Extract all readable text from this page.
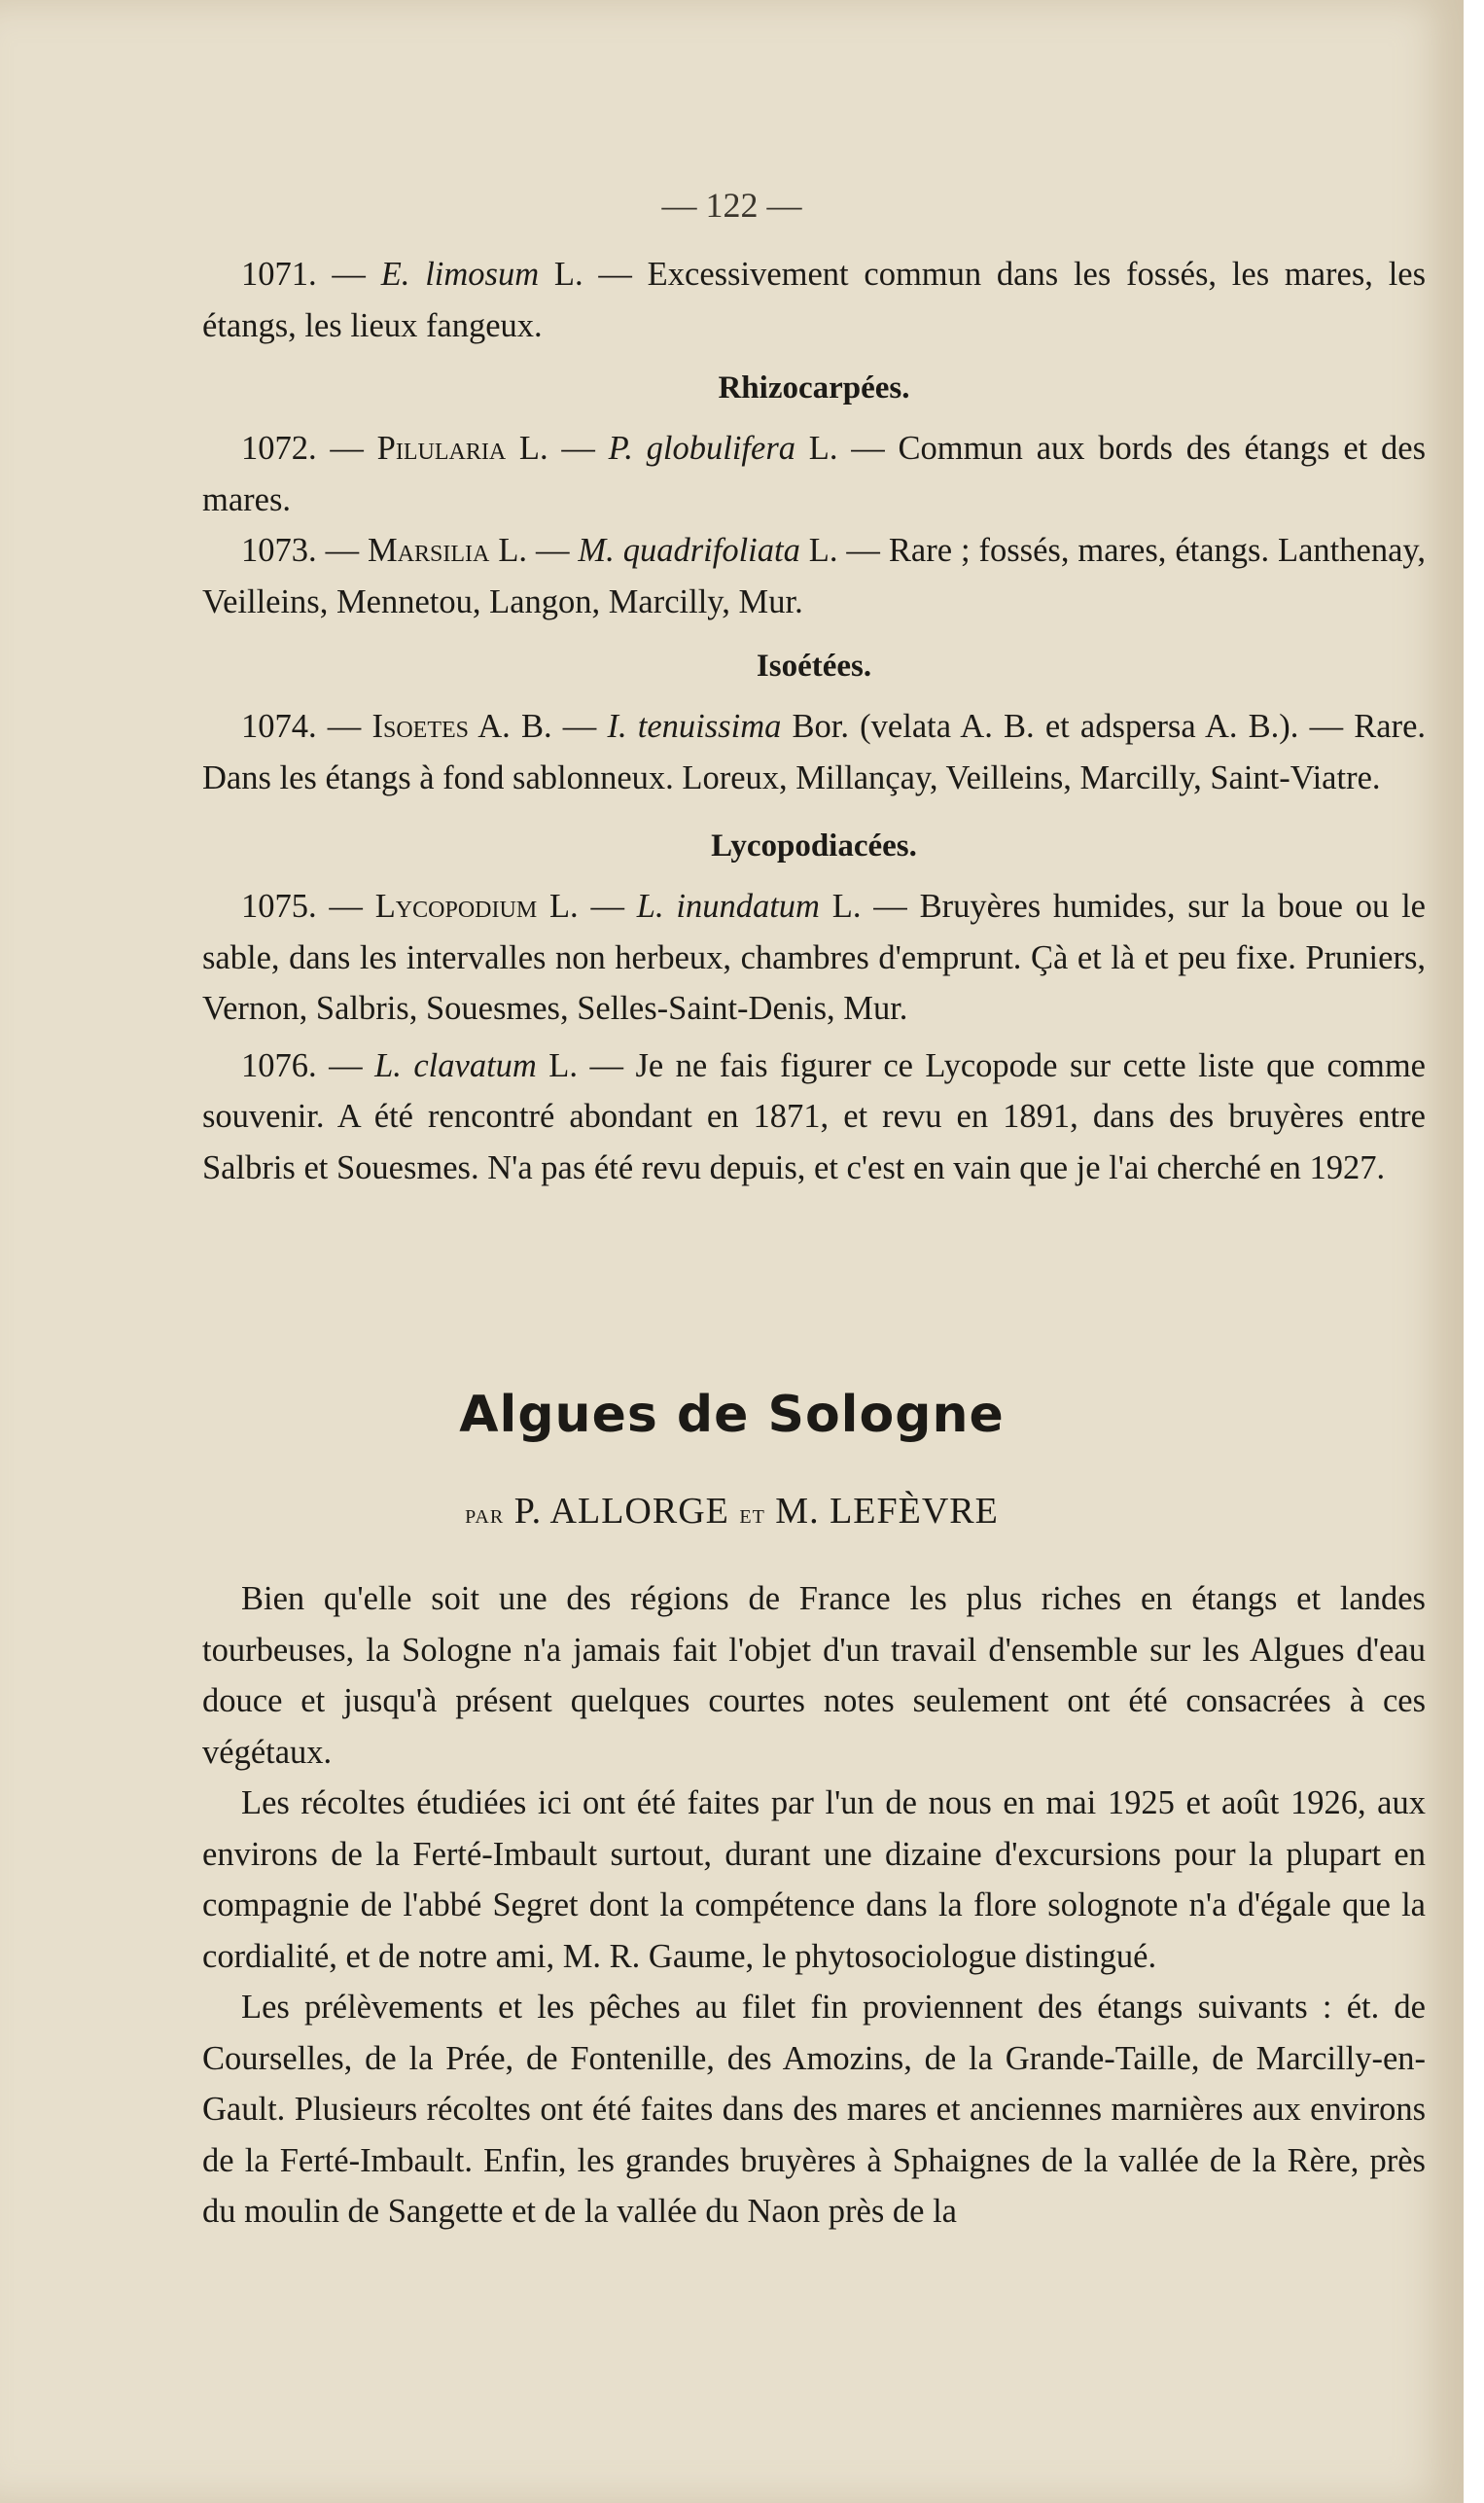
— 122 —

1071. — E. limosum L. — Excessivement commun dans les fossés, les mares, les étangs, les lieux fangeux.

Rhizocarpées.

1072. — Pilularia L. — P. globulifera L. — Commun aux bords des étangs et des mares.

1073. — Marsilia L. — M. quadrifoliata L. — Rare ; fossés, mares, étangs. Lanthenay, Veilleins, Mennetou, Langon, Marcilly, Mur.

Isoétées.

1074. — Isoetes A. B. — I. tenuissima Bor. (velata A. B. et adspersa A. B.). — Rare. Dans les étangs à fond sablonneux. Loreux, Millançay, Veilleins, Marcilly, Saint-Viatre.

Lycopodiacées.

1075. — Lycopodium L. — L. inundatum L. — Bruyères humides, sur la boue ou le sable, dans les intervalles non herbeux, chambres d'emprunt. Çà et là et peu fixe. Pruniers, Vernon, Salbris, Souesmes, Selles-Saint-Denis, Mur.

1076. — L. clavatum L. — Je ne fais figurer ce Lycopode sur cette liste que comme souvenir. A été rencontré abondant en 1871, et revu en 1891, dans des bruyères entre Salbris et Souesmes. N'a pas été revu depuis, et c'est en vain que je l'ai cherché en 1927.

Algues de Sologne
par P. ALLORGE et M. LEFÈVRE

Bien qu'elle soit une des régions de France les plus riches en étangs et landes tourbeuses, la Sologne n'a jamais fait l'objet d'un travail d'ensemble sur les Algues d'eau douce et jusqu'à présent quelques courtes notes seulement ont été consacrées à ces végétaux.

Les récoltes étudiées ici ont été faites par l'un de nous en mai 1925 et août 1926, aux environs de la Ferté-Imbault surtout, durant une dizaine d'excursions pour la plupart en compagnie de l'abbé Segret dont la compétence dans la flore solognote n'a d'égale que la cordialité, et de notre ami, M. R. Gaume, le phytosociologue distingué.

Les prélèvements et les pêches au filet fin proviennent des étangs suivants : ét. de Courselles, de la Prée, de Fontenille, des Amozins, de la Grande-Taille, de Marcilly-en-Gault. Plusieurs récoltes ont été faites dans des mares et anciennes marnières aux environs de la Ferté-Imbault. Enfin, les grandes bruyères à Sphaignes de la vallée de la Rère, près du moulin de Sangette et de la vallée du Naon près de la
